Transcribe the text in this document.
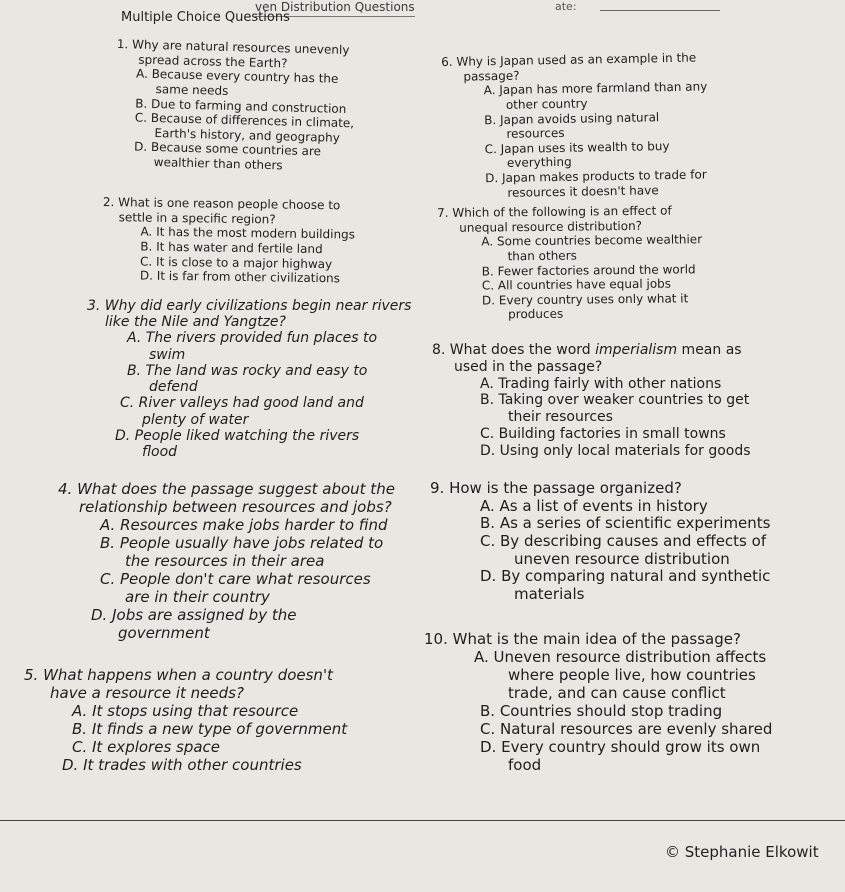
ven Distribution Questions	ate:
Multiple Choice Questions
1. Why are natural resources unevenly
spread across the Earth?
A. Because every country has the
same needs
B. Due to farming and construction
C. Because of differences in climate,
Earth's history, and geography
D. Because some countries are
wealthier than others
2. What is one reason people choose to
settle in a specific region?
A. It has the most modern buildings
B. It has water and fertile land
C. It is close to a major highway
D. It is far from other civilizations
3. Why did early civilizations begin near rivers
like the Nile and Yangtze?
A. The rivers provided fun places to
swim
B. The land was rocky and easy to
defend
C. River valleys had good land and
plenty of water
D. People liked watching the rivers
flood
4. What does the passage suggest about the
relationship between resources and jobs?
A. Resources make jobs harder to find
B. People usually have jobs related to
the resources in their area
C. People don't care what resources
are in their country
D. Jobs are assigned by the
government
5. What happens when a country doesn't
have a resource it needs?
A. It stops using that resource
B. It finds a new type of government
C. It explores space
D. It trades with other countries
6. Why is Japan used as an example in the
passage?
A. Japan has more farmland than any
other country
B. Japan avoids using natural
resources
C. Japan uses its wealth to buy
everything
D. Japan makes products to trade for
resources it doesn't have
7. Which of the following is an effect of
unequal resource distribution?
A. Some countries become wealthier
than others
B. Fewer factories around the world
C. All countries have equal jobs
D. Every country uses only what it
produces
8. What does the word imperialism mean as
used in the passage?
A. Trading fairly with other nations
B. Taking over weaker countries to get
their resources
C. Building factories in small towns
D. Using only local materials for goods
9. How is the passage organized?
A. As a list of events in history
B. As a series of scientific experiments
C. By describing causes and effects of
uneven resource distribution
D. By comparing natural and synthetic
materials
10. What is the main idea of the passage?
A. Uneven resource distribution affects
where people live, how countries
trade, and can cause conflict
B. Countries should stop trading
C. Natural resources are evenly shared
D. Every country should grow its own
food
© Stephanie Elkowit
